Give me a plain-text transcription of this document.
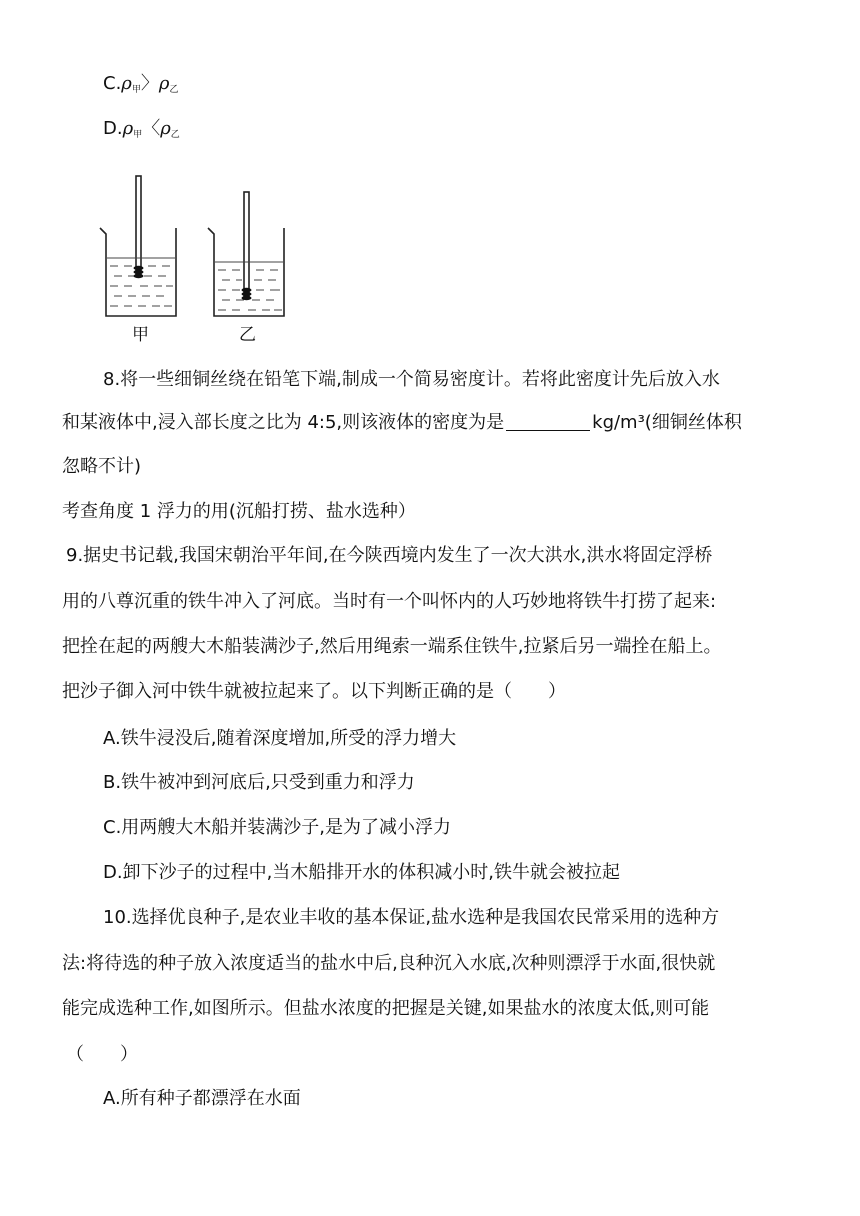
$C.\rho_甲$〉$\rho_乙$
$D.\rho_甲$〈$\rho_乙$
甲	乙
8.将一些细铜丝绕在铅笔下端,制成一个简易密度计。若将此密度计先后放入水
和某液体中,浸入部长度之比为 4:5,则该液体的密度为是	kg/m³(细铜丝体积
忽略不计)
考查角度 1 浮力的用(沉船打捞、盐水选种）
9.据史书记载,我国宋朝治平年间,在今陕西境内发生了一次大洪水,洪水将固定浮桥
用的八尊沉重的铁牛冲入了河底。当时有一个叫怀内的人巧妙地将铁牛打捞了起来:
把拴在起的两艘大木船装满沙子,然后用绳索一端系住铁牛,拉紧后另一端拴在船上。
把沙子御入河中铁牛就被拉起来了。以下判断正确的是（　　）
A.铁牛浸没后,随着深度增加,所受的浮力增大
B.铁牛被冲到河底后,只受到重力和浮力
C.用两艘大木船并装满沙子,是为了减小浮力
D.卸下沙子的过程中,当木船排开水的体积减小时,铁牛就会被拉起
10.选择优良种子,是农业丰收的基本保证,盐水选种是我国农民常采用的选种方
法:将待选的种子放入浓度适当的盐水中后,良种沉入水底,次种则漂浮于水面,很快就
能完成选种工作,如图所示。但盐水浓度的把握是关键,如果盐水的浓度太低,则可能
（　　）
A.所有种子都漂浮在水面
